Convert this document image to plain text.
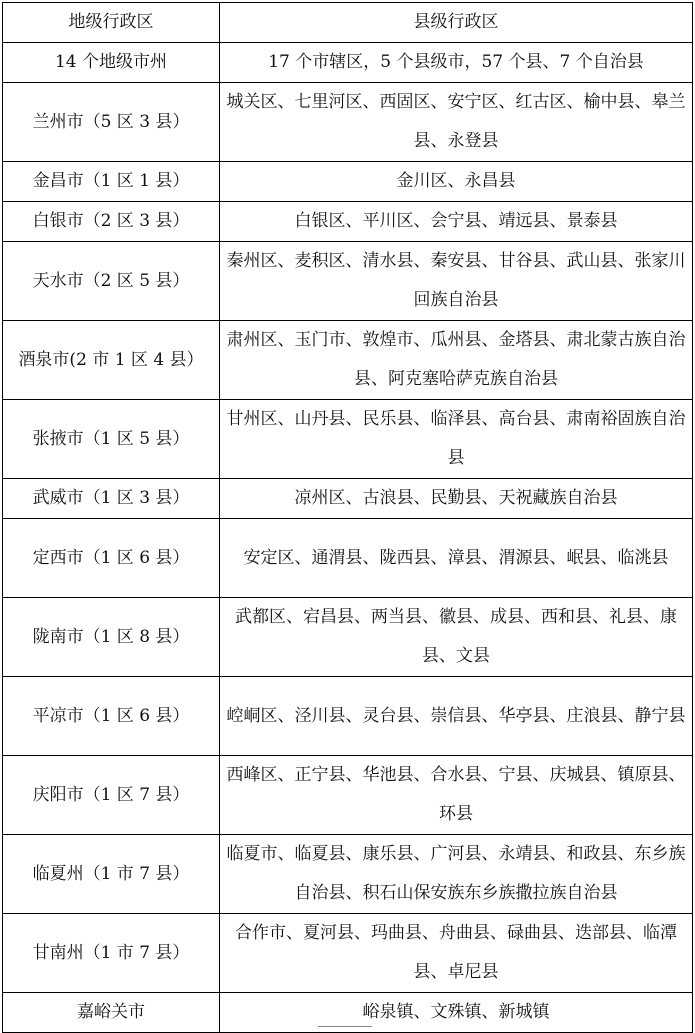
地级行政区	县级行政区
14 个地级市州	17 个市辖区，5 个县级市，57 个县、7 个自治县
兰州市（5 区 3 县）	城关区、七里河区、西固区、安宁区、红古区、榆中县、皋兰县、永登县
金昌市（1 区 1 县）	金川区、永昌县
白银市（2 区 3 县）	白银区、平川区、会宁县、靖远县、景泰县
天水市（2 区 5 县）	秦州区、麦积区、清水县、秦安县、甘谷县、武山县、张家川回族自治县
酒泉市(2 市 1 区 4 县）	肃州区、玉门市、敦煌市、瓜州县、金塔县、肃北蒙古族自治县、阿克塞哈萨克族自治县
张掖市（1 区 5 县）	甘州区、山丹县、民乐县、临泽县、高台县、肃南裕固族自治县
武威市（1 区 3 县）	凉州区、古浪县、民勤县、天祝藏族自治县
定西市（1 区 6 县）	安定区、通渭县、陇西县、漳县、渭源县、岷县、临洮县
陇南市（1 区 8 县）	武都区、宕昌县、两当县、徽县、成县、西和县、礼县、康县、文县
平凉市（1 区 6 县）	崆峒区、泾川县、灵台县、崇信县、华亭县、庄浪县、静宁县
庆阳市（1 区 7 县）	西峰区、正宁县、华池县、合水县、宁县、庆城县、镇原县、环县
临夏州（1 市 7 县）	临夏市、临夏县、康乐县、广河县、永靖县、和政县、东乡族自治县、积石山保安族东乡族撒拉族自治县
甘南州（1 市 7 县）	合作市、夏河县、玛曲县、舟曲县、碌曲县、迭部县、临潭县、卓尼县
嘉峪关市	峪泉镇、文殊镇、新城镇
